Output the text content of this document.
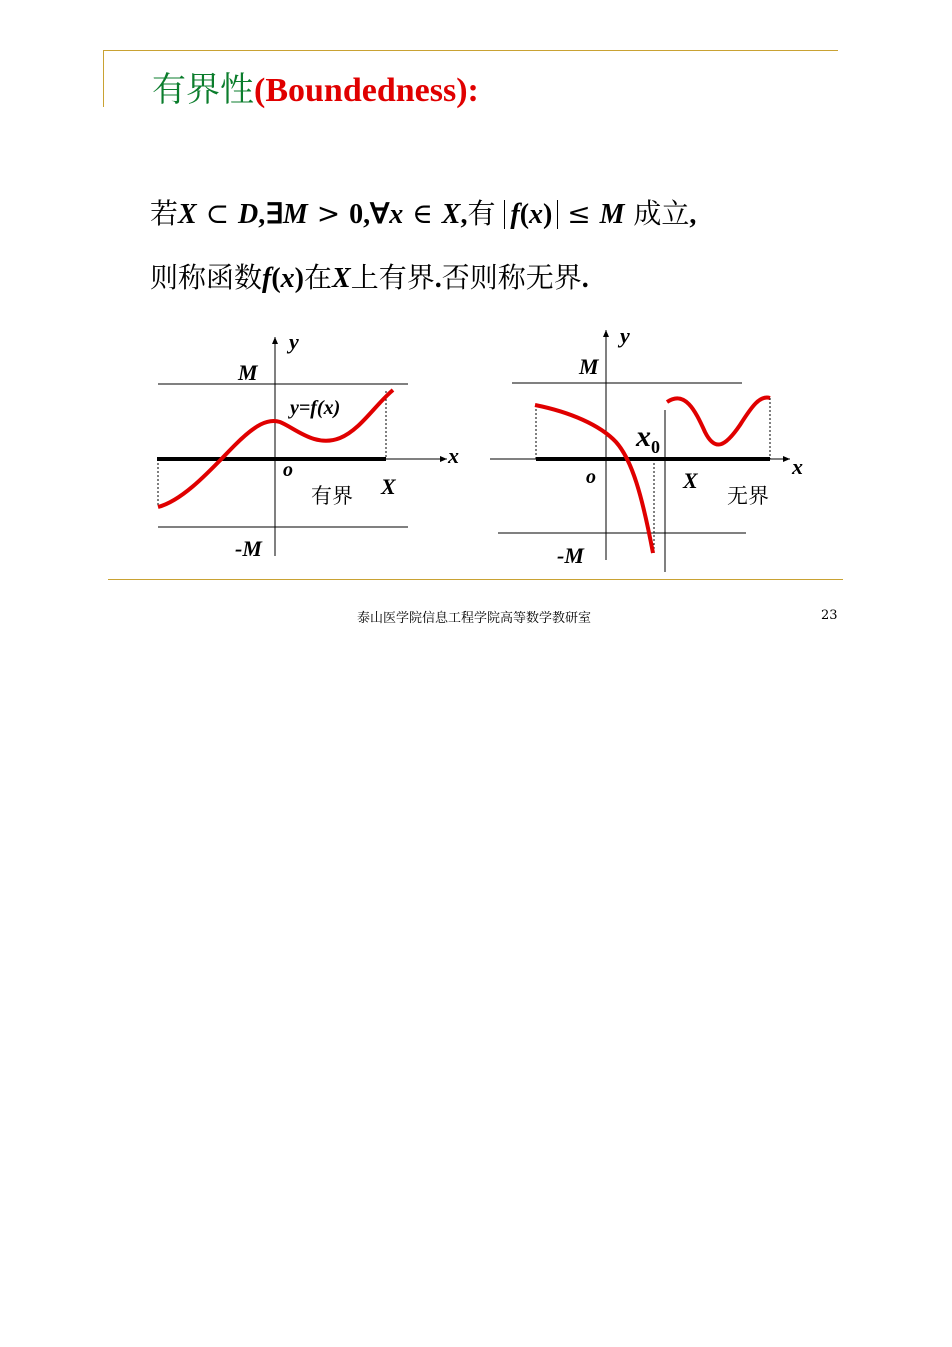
有界性(Boundedness):
若X ⊂ D,∃M > 0,∀x ∈ X,有 f(x) ≤ M 成立,
则称函数f(x)在X上有界.否则称无界.
y
M
y=f(x)
x
o
有界 X
-M
y
M
$x_0$
x
o	X
无界
-M
泰山医学院信息工程学院高等数学教研室	23
